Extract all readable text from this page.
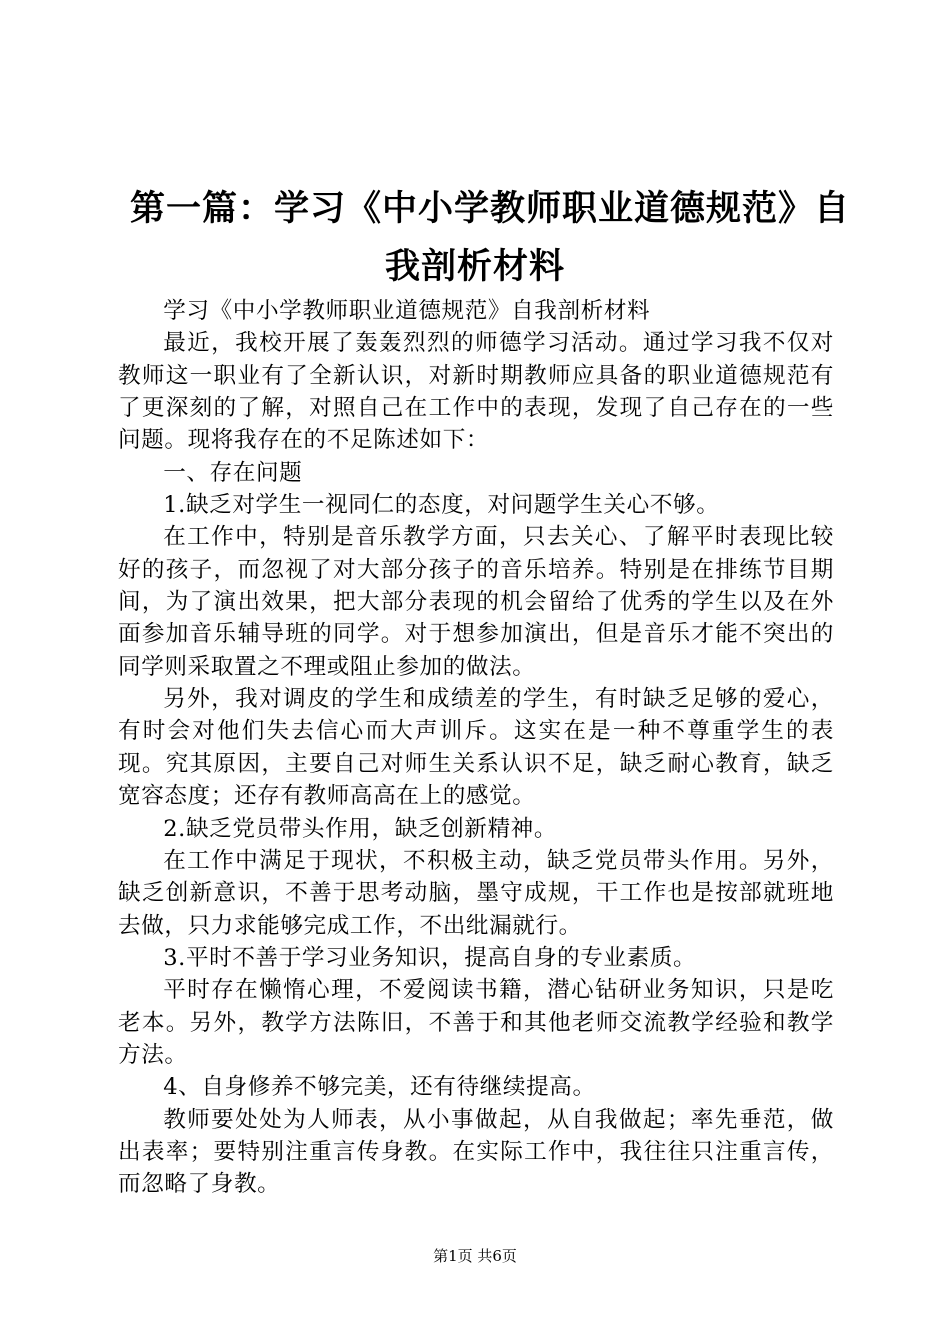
第一篇：学习《中小学教师职业道德规范》自
我剖析材料

学习《中小学教师职业道德规范》自我剖析材料

最近，我校开展了轰轰烈烈的师德学习活动。通过学习我不仅对教师这一职业有了全新认识，对新时期教师应具备的职业道德规范有了更深刻的了解，对照自己在工作中的表现，发现了自己存在的一些问题。现将我存在的不足陈述如下：

一、存在问题

1.缺乏对学生一视同仁的态度，对问题学生关心不够。

在工作中，特别是音乐教学方面，只去关心、了解平时表现比较好的孩子，而忽视了对大部分孩子的音乐培养。特别是在排练节目期间，为了演出效果，把大部分表现的机会留给了优秀的学生以及在外面参加音乐辅导班的同学。对于想参加演出，但是音乐才能不突出的同学则采取置之不理或阻止参加的做法。

另外，我对调皮的学生和成绩差的学生，有时缺乏足够的爱心，有时会对他们失去信心而大声训斥。这实在是一种不尊重学生的表现。究其原因，主要自己对师生关系认识不足，缺乏耐心教育，缺乏宽容态度；还存有教师高高在上的感觉。

2.缺乏党员带头作用，缺乏创新精神。

在工作中满足于现状，不积极主动，缺乏党员带头作用。另外，缺乏创新意识，不善于思考动脑，墨守成规，干工作也是按部就班地去做，只力求能够完成工作，不出纰漏就行。

3.平时不善于学习业务知识，提高自身的专业素质。

平时存在懒惰心理，不爱阅读书籍，潜心钻研业务知识，只是吃老本。另外，教学方法陈旧，不善于和其他老师交流教学经验和教学方法。

4、自身修养不够完美，还有待继续提高。

教师要处处为人师表，从小事做起，从自我做起；率先垂范，做出表率；要特别注重言传身教。在实际工作中，我往往只注重言传，而忽略了身教。

第1页 共6页
